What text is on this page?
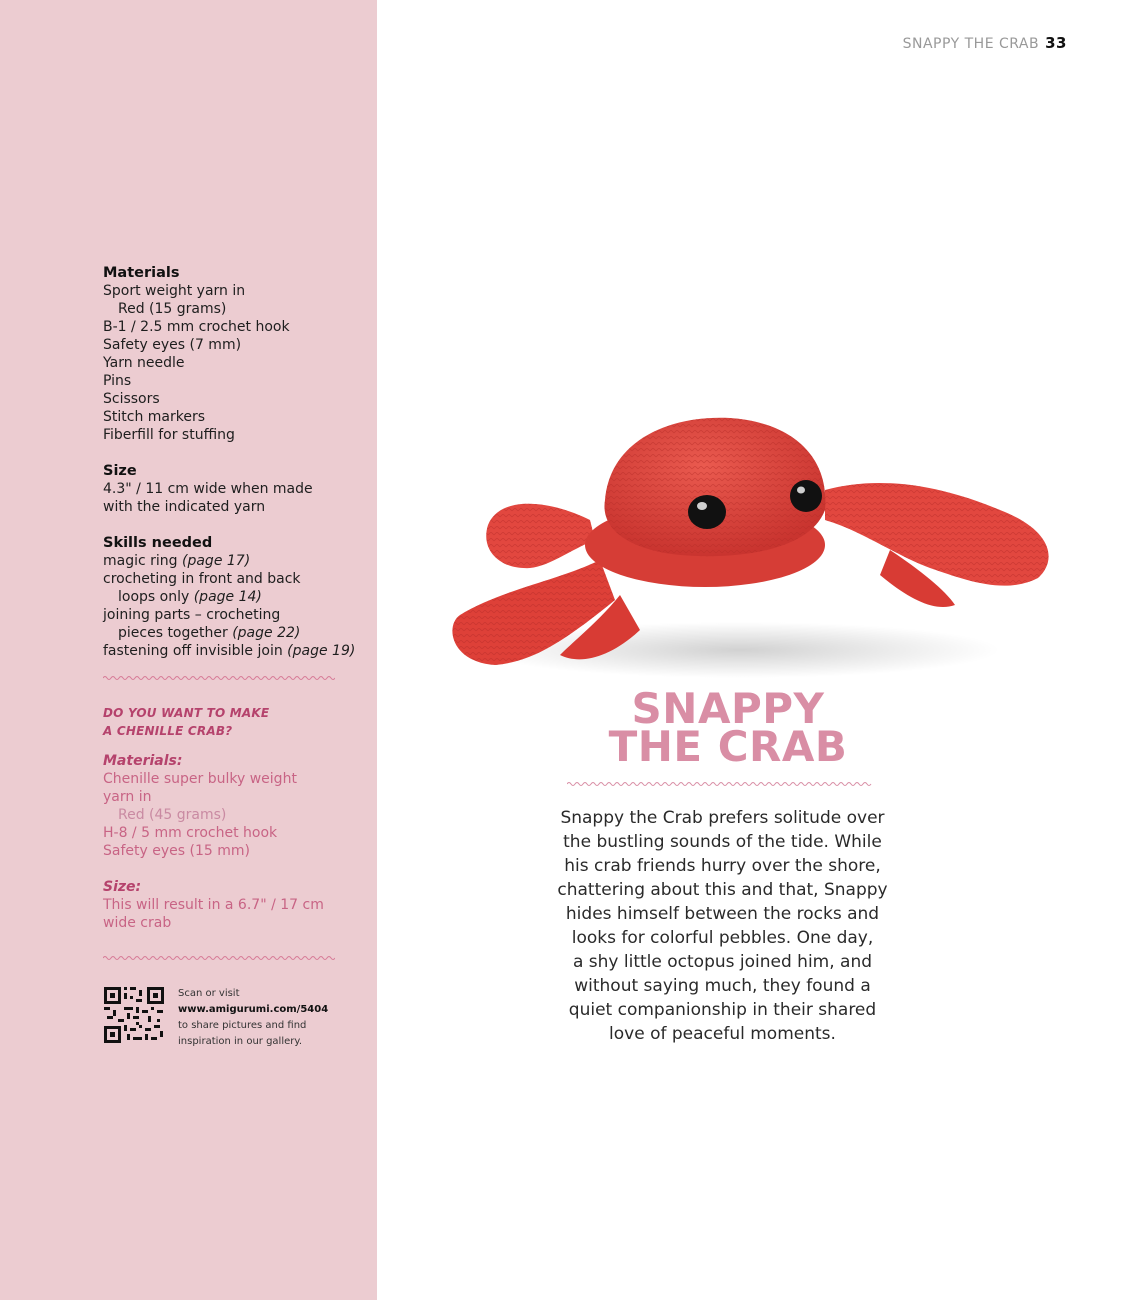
Materials
Sport weight yarn in
Red (15 grams)
B-1 / 2.5 mm crochet hook
Safety eyes (7 mm)
Yarn needle
Pins
Scissors
Stitch markers
Fiberfill for stuffing
Size
4.3" / 11 cm wide when made
with the indicated yarn
Skills needed
magic ring (page 17)
crocheting in front and back
loops only (page 14)
joining parts – crocheting
pieces together (page 22)
fastening off invisible join (page 19)
DO YOU WANT TO MAKE
A CHENILLE CRAB?
Materials:
Chenille super bulky weight
yarn in
Red (45 grams)
H-8 / 5 mm crochet hook
Safety eyes (15 mm)
Size:
This will result in a 6.7" / 17 cm
wide crab
Scan or visit
www.amigurumi.com/5404
to share pictures and find
inspiration in our gallery.
SNAPPY THE CRAB 33
SNAPPY
THE CRAB
Snappy the Crab prefers solitude over
the bustling sounds of the tide. While
his crab friends hurry over the shore,
chattering about this and that, Snappy
hides himself between the rocks and
looks for colorful pebbles. One day,
a shy little octopus joined him, and
without saying much, they found a
quiet companionship in their shared
love of peaceful moments.
